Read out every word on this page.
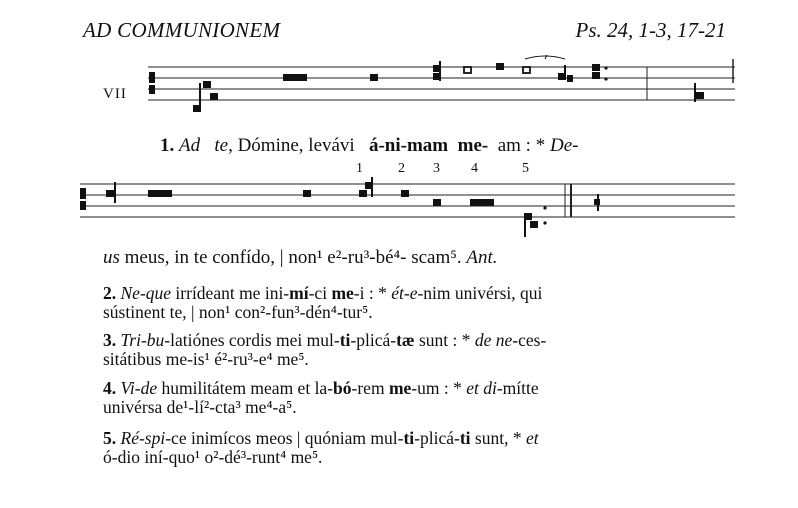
AD COMMUNIONEM	Ps. 24, 1-3, 17-21
VII
1. Ad te, Dómine, levávi á-ni-mam me- am : * De-
1	2 3 4	5
us meus, in te confído, | non¹ e²-ru³-bé⁴- scam⁵. Ant.
2. Ne-que irrídeant me ini-mí-ci me-i : * ét-e-nim univérsi, qui
sústinent te, | non¹ con²-fun³-dén⁴-tur⁵.
3. Tri-bu-latiónes cordis mei mul-ti-plicá-tæ sunt : * de ne-ces-
sitátibus me-is¹ é²-ru³-e⁴ me⁵.
4. Vi-de humilitátem meam et la-bó-rem me-um : * et di-mítte
univérsa de¹-lí²-cta³ me⁴-a⁵.
5. Ré-spi-ce inimícos meos | quóniam mul-ti-plicá-ti sunt, * et
ó-dio iní-quo¹ o²-dé³-runt⁴ me⁵.
